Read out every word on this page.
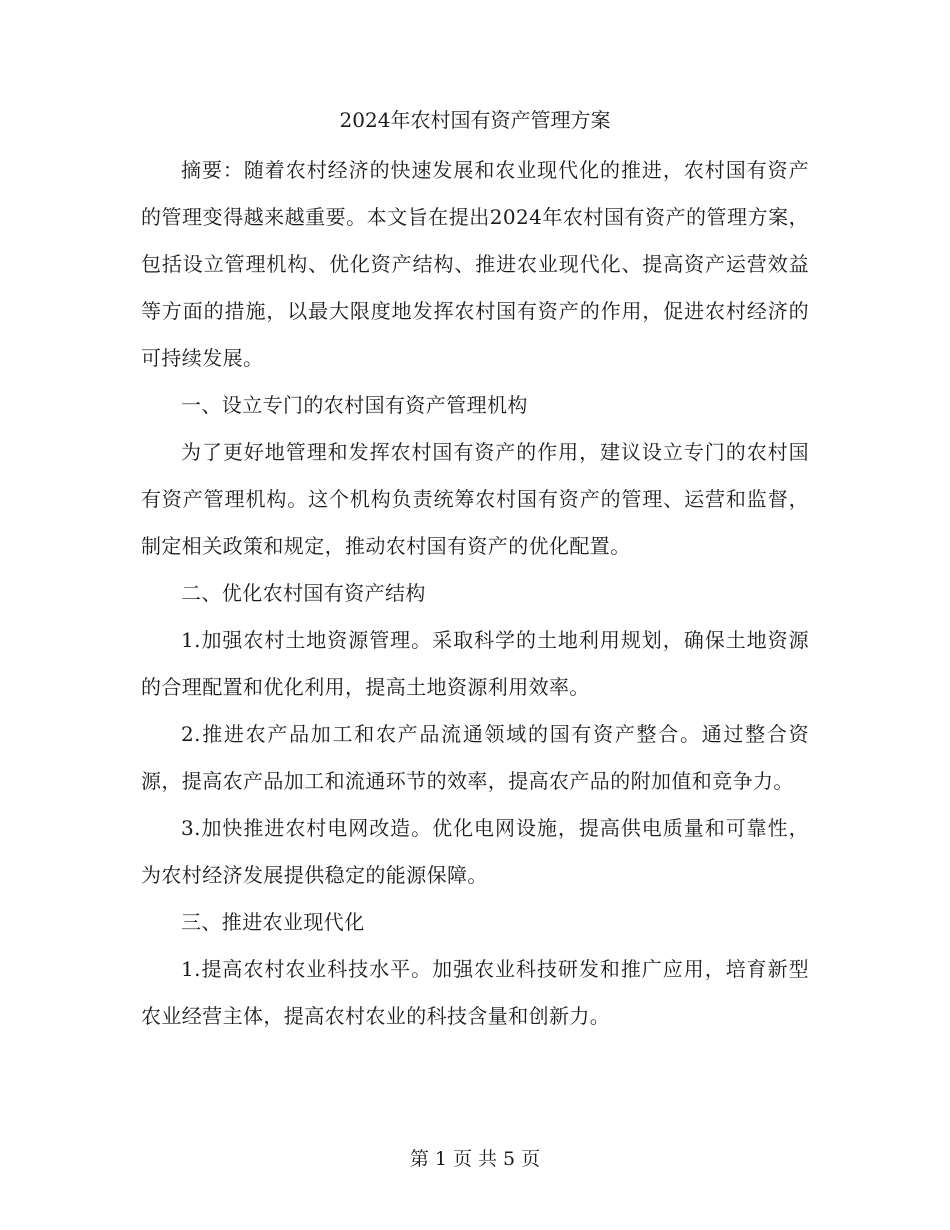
2024年农村国有资产管理方案

摘要：随着农村经济的快速发展和农业现代化的推进，农村国有资产的管理变得越来越重要。本文旨在提出2024年农村国有资产的管理方案，包括设立管理机构、优化资产结构、推进农业现代化、提高资产运营效益等方面的措施，以最大限度地发挥农村国有资产的作用，促进农村经济的可持续发展。

一、设立专门的农村国有资产管理机构

为了更好地管理和发挥农村国有资产的作用，建议设立专门的农村国有资产管理机构。这个机构负责统筹农村国有资产的管理、运营和监督，制定相关政策和规定，推动农村国有资产的优化配置。

二、优化农村国有资产结构

1.加强农村土地资源管理。采取科学的土地利用规划，确保土地资源的合理配置和优化利用，提高土地资源利用效率。

2.推进农产品加工和农产品流通领域的国有资产整合。通过整合资源，提高农产品加工和流通环节的效率，提高农产品的附加值和竞争力。

3.加快推进农村电网改造。优化电网设施，提高供电质量和可靠性，为农村经济发展提供稳定的能源保障。

三、推进农业现代化

1.提高农村农业科技水平。加强农业科技研发和推广应用，培育新型农业经营主体，提高农村农业的科技含量和创新力。

第 1 页 共 5 页
